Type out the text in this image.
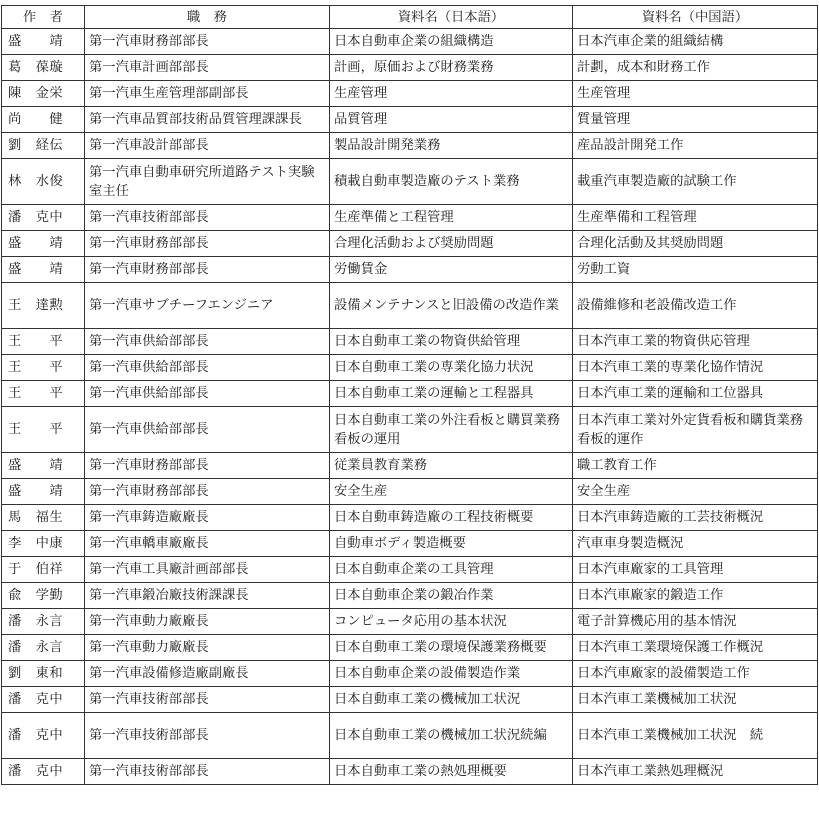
作　者	職　務	資料名（日本語）	資料名（中国語）
盛　　靖	第一汽車財務部部長	日本自動車企業の組織構造	日本汽車企業的組織結構
葛　葆璇	第一汽車計画部部長	計画，原価および財務業務	計劃，成本和財務工作
陳　金栄	第一汽車生産管理部副部長	生産管理	生産管理
尚　　健	第一汽車品質部技術品質管理課課長	品質管理	質量管理
劉　経伝	第一汽車設計部部長	製品設計開発業務	産品設計開発工作
林　水俊	第一汽車自動車研究所道路テスト実験室主任	積載自動車製造廠のテスト業務	載重汽車製造廠的試験工作
潘　克中	第一汽車技術部部長	生産準備と工程管理	生産準備和工程管理
盛　　靖	第一汽車財務部部長	合理化活動および奨励問題	合理化活動及其奨励問題
盛　　靖	第一汽車財務部部長	労働賃金	労動工資
王　達勲	第一汽車サブチーフエンジニア	設備メンテナンスと旧設備の改造作業	設備維修和老設備改造工作
王　　平	第一汽車供給部部長	日本自動車工業の物資供給管理	日本汽車工業的物資供応管理
王　　平	第一汽車供給部部長	日本自動車工業の専業化協力状況	日本汽車工業的専業化協作情況
王　　平	第一汽車供給部部長	日本自動車工業の運輸と工程器具	日本汽車工業的運輸和工位器具
王　　平	第一汽車供給部部長	日本自動車工業の外注看板と購買業務看板の運用	日本汽車工業対外定貨看板和購貨業務看板的運作
盛　　靖	第一汽車財務部部長	従業員教育業務	職工教育工作
盛　　靖	第一汽車財務部部長	安全生産	安全生産
馬　福生	第一汽車鋳造廠廠長	日本自動車鋳造廠の工程技術概要	日本汽車鋳造廠的工芸技術概況
李　中康	第一汽車轎車廠廠長	自動車ボディ製造概要	汽車車身製造概況
于　伯祥	第一汽車工具廠計画部部長	日本自動車企業の工具管理	日本汽車廠家的工具管理
兪　学勤	第一汽車鍛冶廠技術課課長	日本自動車企業の鍛冶作業	日本汽車廠家的鍛造工作
潘　永言	第一汽車動力廠廠長	コンピュータ応用の基本状況	電子計算機応用的基本情況
潘　永言	第一汽車動力廠廠長	日本自動車工業の環境保護業務概要	日本汽車工業環境保護工作概況
劉　東和	第一汽車設備修造廠副廠長	日本自動車企業の設備製造作業	日本汽車廠家的設備製造工作
潘　克中	第一汽車技術部部長	日本自動車工業の機械加工状況	日本汽車工業機械加工状況
潘　克中	第一汽車技術部部長	日本自動車工業の機械加工状況続編	日本汽車工業機械加工状況　続
潘　克中	第一汽車技術部部長	日本自動車工業の熱処理概要	日本汽車工業熱処理概況
